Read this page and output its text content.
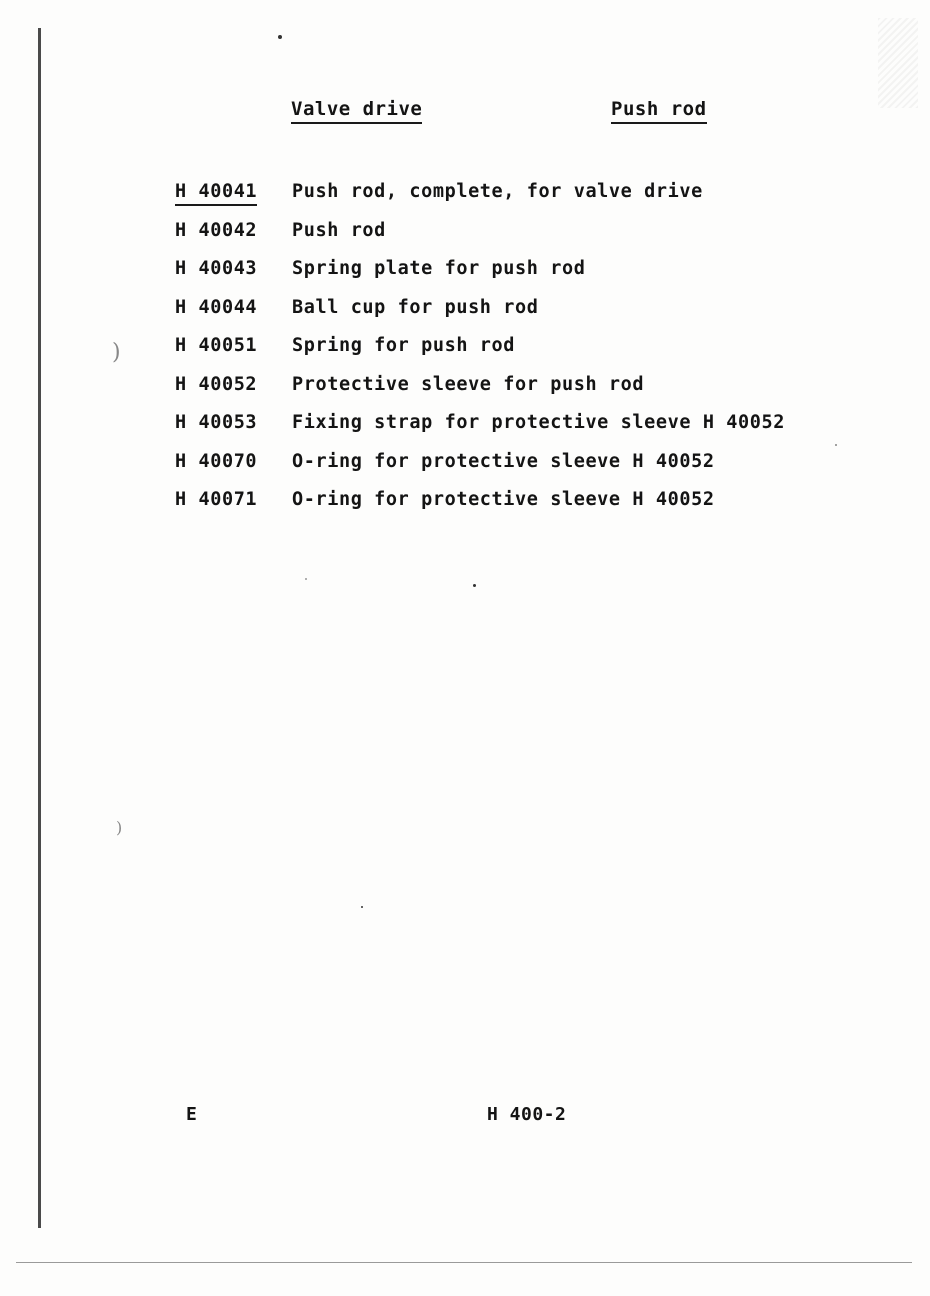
)
)
Valve drive	Push rod
H 40041	Push rod, complete, for valve drive
H 40042	Push rod
H 40043	Spring plate for push rod
H 40044	Ball cup for push rod
H 40051	Spring for push rod
H 40052	Protective sleeve for push rod
H 40053	Fixing strap for protective sleeve H 40052
H 40070	O-ring for protective sleeve H 40052
H 40071	O-ring for protective sleeve H 40052
E	H 400-2
